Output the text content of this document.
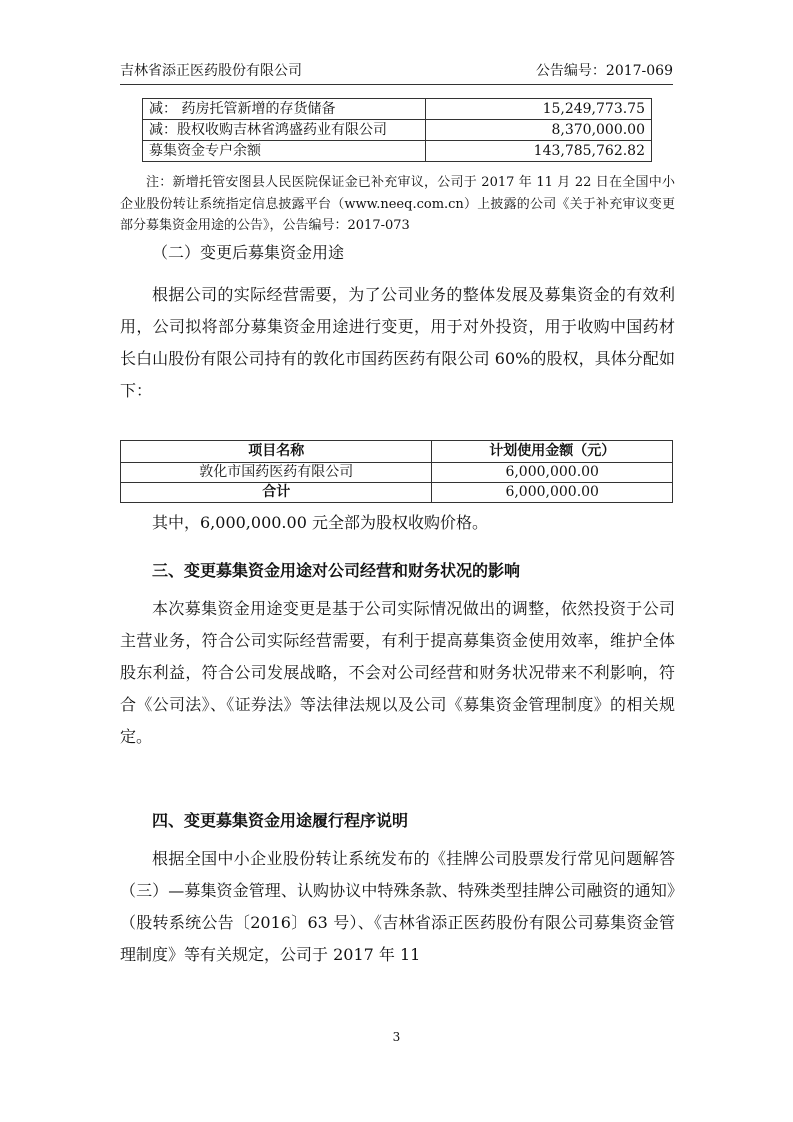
吉林省添正医药股份有限公司	公告编号：2017-069
减： 药房托管新增的存货储备	15,249,773.75
减：股权收购吉林省鸿盛药业有限公司	8,370,000.00
募集资金专户余额	143,785,762.82
注：新增托管安图县人民医院保证金已补充审议，公司于 2017 年 11 月 22 日在全国中小企业股份转让系统指定信息披露平台（www.neeq.com.cn）上披露的公司《关于补充审议变更部分募集资金用途的公告》，公告编号：2017-073
（二）变更后募集资金用途
根据公司的实际经营需要，为了公司业务的整体发展及募集资金的有效利用，公司拟将部分募集资金用途进行变更，用于对外投资，用于收购中国药材长白山股份有限公司持有的敦化市国药医药有限公司 60%的股权，具体分配如下：
项目名称	计划使用金额（元）
敦化市国药医药有限公司	6,000,000.00
合计	6,000,000.00
其中，6,000,000.00 元全部为股权收购价格。
三、变更募集资金用途对公司经营和财务状况的影响
本次募集资金用途变更是基于公司实际情况做出的调整，依然投资于公司主营业务，符合公司实际经营需要，有利于提高募集资金使用效率，维护全体股东利益，符合公司发展战略，不会对公司经营和财务状况带来不利影响，符合《公司法》、《证券法》等法律法规以及公司《募集资金管理制度》的相关规定。
四、变更募集资金用途履行程序说明
根据全国中小企业股份转让系统发布的《挂牌公司股票发行常见问题解答（三）—募集资金管理、认购协议中特殊条款、特殊类型挂牌公司融资的通知》（股转系统公告〔2016〕63 号）、《吉林省添正医药股份有限公司募集资金管理制度》等有关规定，公司于 2017 年 11
3
